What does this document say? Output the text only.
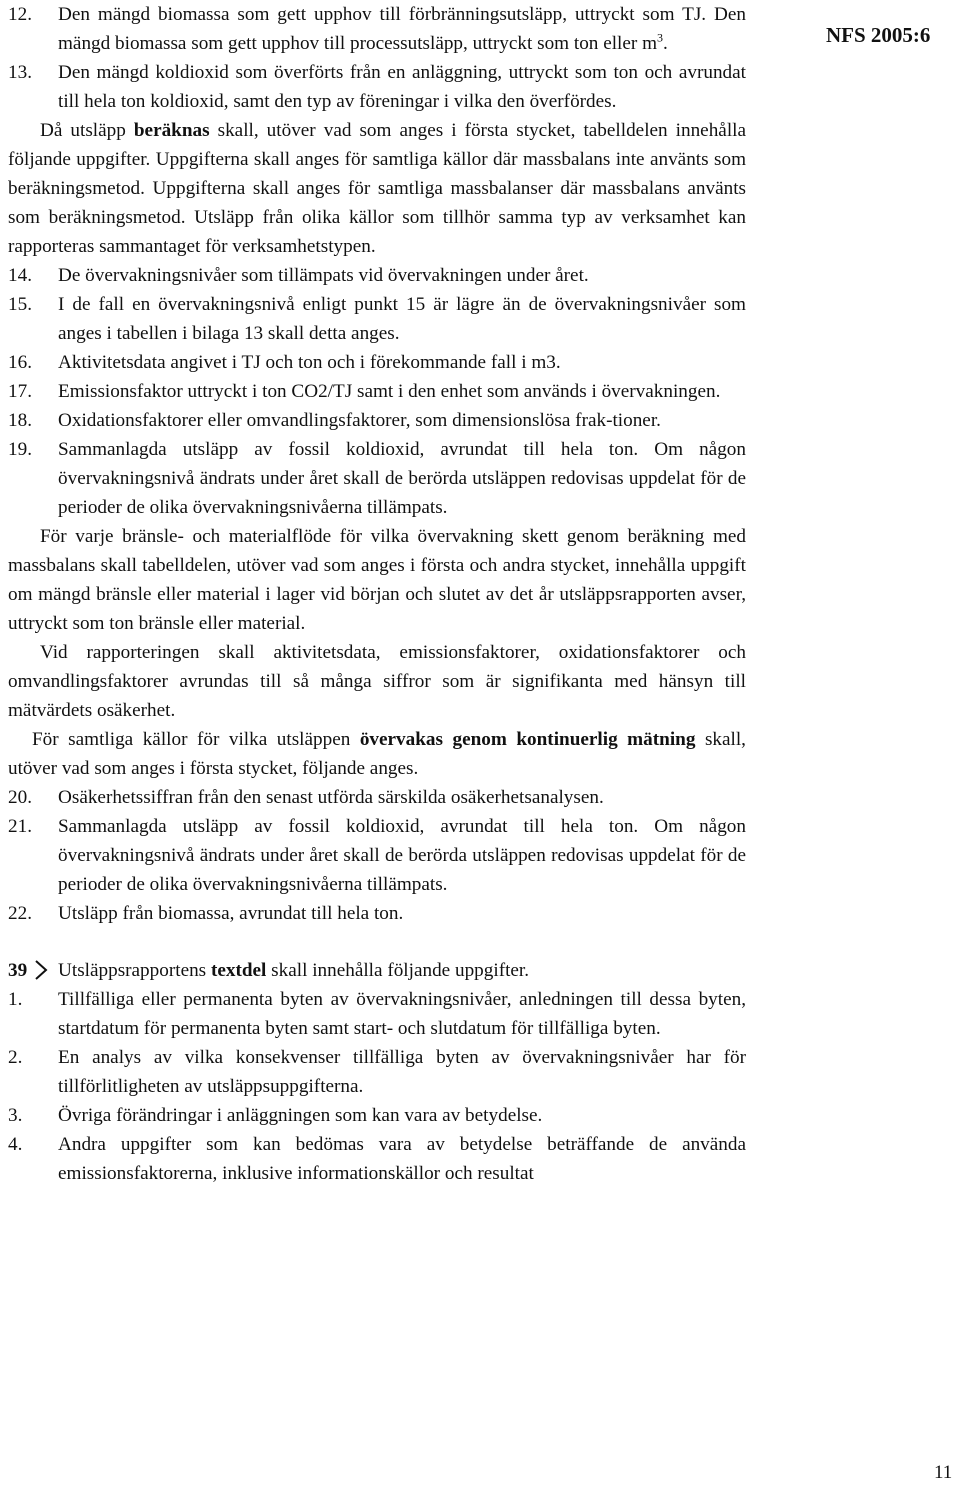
NFS 2005:6
12.	Den mängd biomassa som gett upphov till förbränningsutsläpp, uttryckt som TJ. Den mängd biomassa som gett upphov till processutsläpp, uttryckt som ton eller $m^3$.
13.	Den mängd koldioxid som överförts från en anläggning, uttryckt som ton och avrundat till hela ton koldioxid, samt den typ av föreningar i vilka den överfördes.

Då utsläpp beräknas skall, utöver vad som anges i första stycket, tabelldelen innehålla följande uppgifter. Uppgifterna skall anges för samtliga källor där massbalans inte använts som beräkningsmetod. Uppgifterna skall anges för samtliga massbalanser där massbalans använts som beräkningsmetod. Utsläpp från olika källor som tillhör samma typ av verksamhet kan rapporteras sammantaget för verksamhetstypen.

14.	De övervakningsnivåer som tillämpats vid övervakningen under året.
15.	I de fall en övervakningsnivå enligt punkt 15 är lägre än de övervakningsnivåer som anges i tabellen i bilaga 13 skall detta anges.
16.	Aktivitetsdata angivet i TJ och ton och i förekommande fall i m3.
17.	Emissionsfaktor uttryckt i ton CO2/TJ samt i den enhet som används i övervakningen.
18.	Oxidationsfaktorer eller omvandlingsfaktorer, som dimensionslösa frak-tioner.
19.	Sammanlagda utsläpp av fossil koldioxid, avrundat till hela ton. Om någon övervakningsnivå ändrats under året skall de berörda utsläppen redovisas uppdelat för de perioder de olika övervakningsnivåerna tillämpats.

För varje bränsle- och materialflöde för vilka övervakning skett genom beräkning med massbalans skall tabelldelen, utöver vad som anges i första och andra stycket, innehålla uppgift om mängd bränsle eller material i lager vid början och slutet av det år utsläppsrapporten avser, uttryckt som ton bränsle eller material.

Vid rapporteringen skall aktivitetsdata, emissionsfaktorer, oxidationsfaktorer och omvandlingsfaktorer avrundas till så många siffror som är signifikanta med hänsyn till mätvärdets osäkerhet.

För samtliga källor för vilka utsläppen övervakas genom kontinuerlig mätning skall, utöver vad som anges i första stycket, följande anges.

20.	Osäkerhetssiffran från den senast utförda särskilda osäkerhetsanalysen.
21.	Sammanlagda utsläpp av fossil koldioxid, avrundat till hela ton. Om någon övervakningsnivå ändrats under året skall de berörda utsläppen redovisas uppdelat för de perioder de olika övervakningsnivåerna tillämpats.
22.	Utsläpp från biomassa, avrundat till hela ton.
39 Utsläppsrapportens textdel skall innehålla följande uppgifter.
1.	Tillfälliga eller permanenta byten av övervakningsnivåer, anledningen till dessa byten, startdatum för permanenta byten samt start- och slutdatum för tillfälliga byten.
2.	En analys av vilka konsekvenser tillfälliga byten av övervakningsnivåer har för tillförlitligheten av utsläppsuppgifterna.
3.	Övriga förändringar i anläggningen som kan vara av betydelse.
4.	Andra uppgifter som kan bedömas vara av betydelse beträffande de använda emissionsfaktorerna, inklusive informationskällor och resultat
11
